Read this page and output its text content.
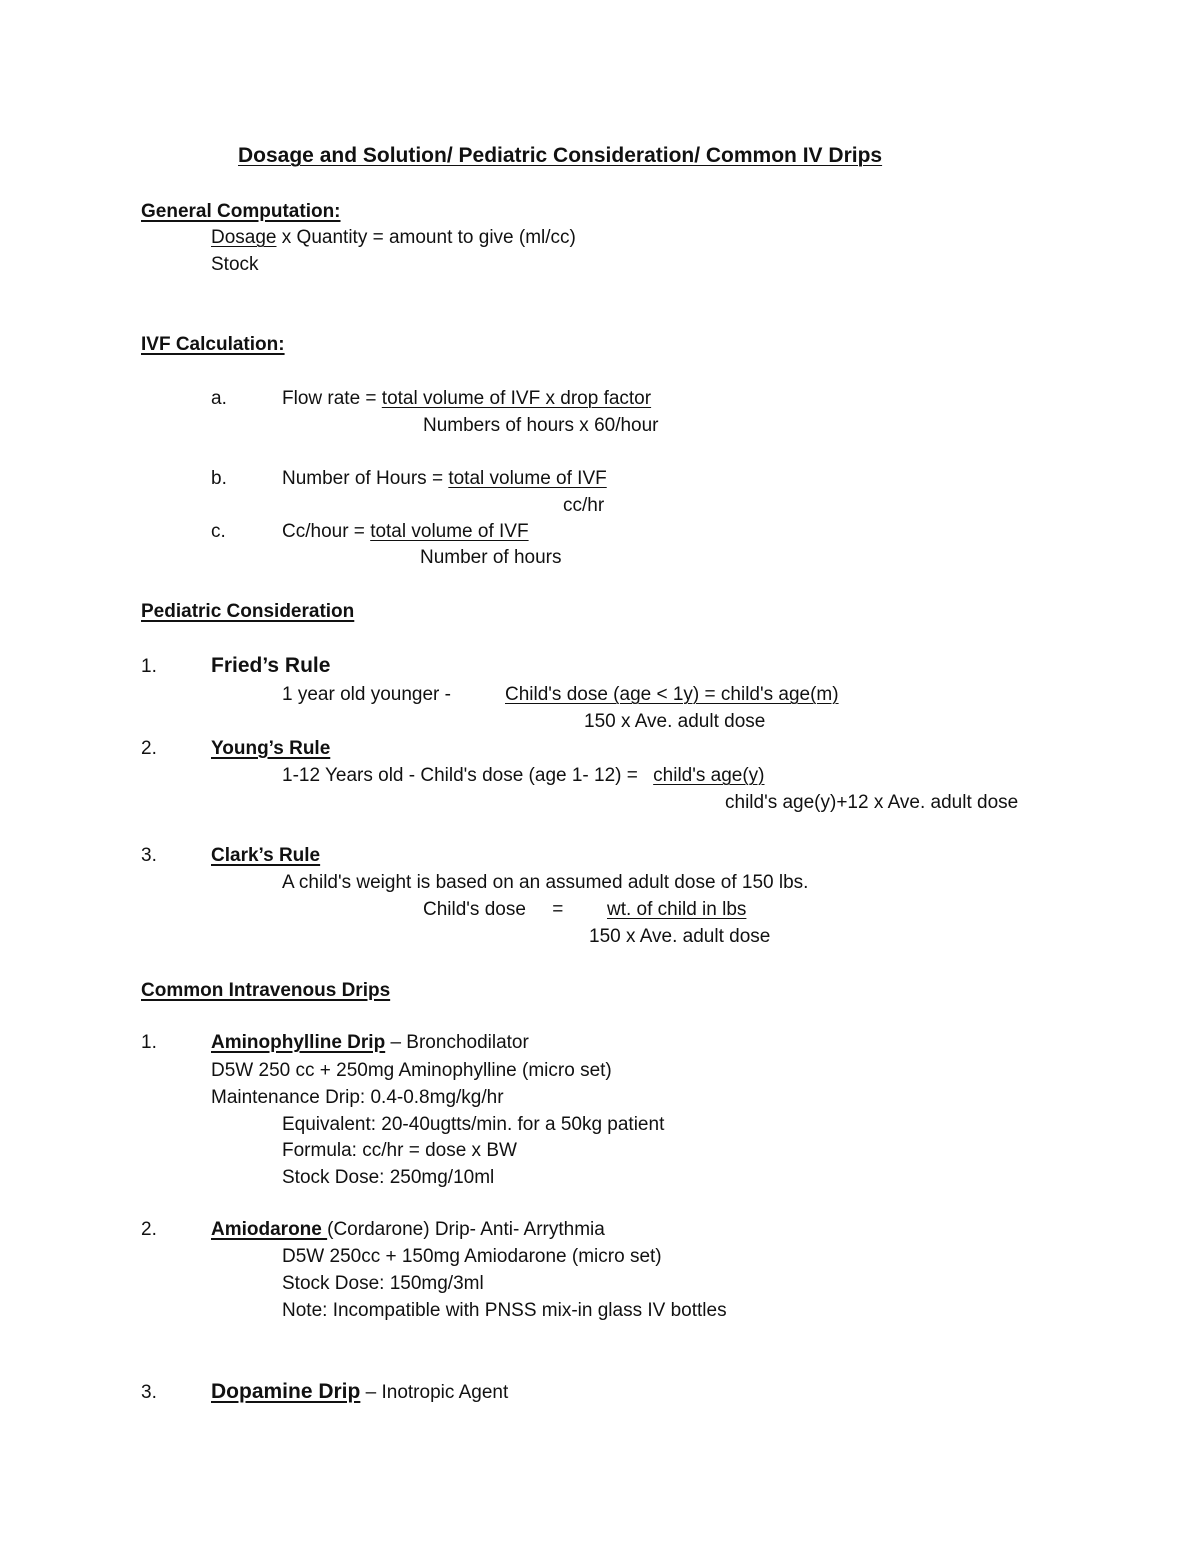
Dosage and Solution/ Pediatric Consideration/ Common IV Drips
General Computation:
Dosage x Quantity = amount to give (ml/cc)
Stock
IVF Calculation:
a.	Flow rate = total volume of IVF x drop factor
Numbers of hours x 60/hour
b.	Number of Hours = total volume of IVF
cc/hr
c.	Cc/hour = total volume of IVF
Number of hours
Pediatric Consideration
1.	Fried’s Rule
1 year old younger -	Child's dose (age < 1y) = child's age(m)
150 x Ave. adult dose
2.	Young’s Rule
1-12 Years old - Child's dose (age 1- 12) = child's age(y)
child's age(y)+12 x Ave. adult dose
3.	Clark’s Rule
A child's weight is based on an assumed adult dose of 150 lbs.
Child's dose     = wt. of child in lbs
150 x Ave. adult dose
Common Intravenous Drips
1.	Aminophylline Drip – Bronchodilator
D5W 250 cc + 250mg Aminophylline (micro set)
Maintenance Drip: 0.4-0.8mg/kg/hr
Equivalent: 20-40ugtts/min. for a 50kg patient
Formula: cc/hr = dose x BW
Stock Dose: 250mg/10ml
2.	Amiodarone (Cordarone) Drip- Anti- Arrythmia
D5W 250cc + 150mg Amiodarone (micro set)
Stock Dose: 150mg/3ml
Note: Incompatible with PNSS mix-in glass IV bottles
3.	Dopamine Drip – Inotropic Agent
